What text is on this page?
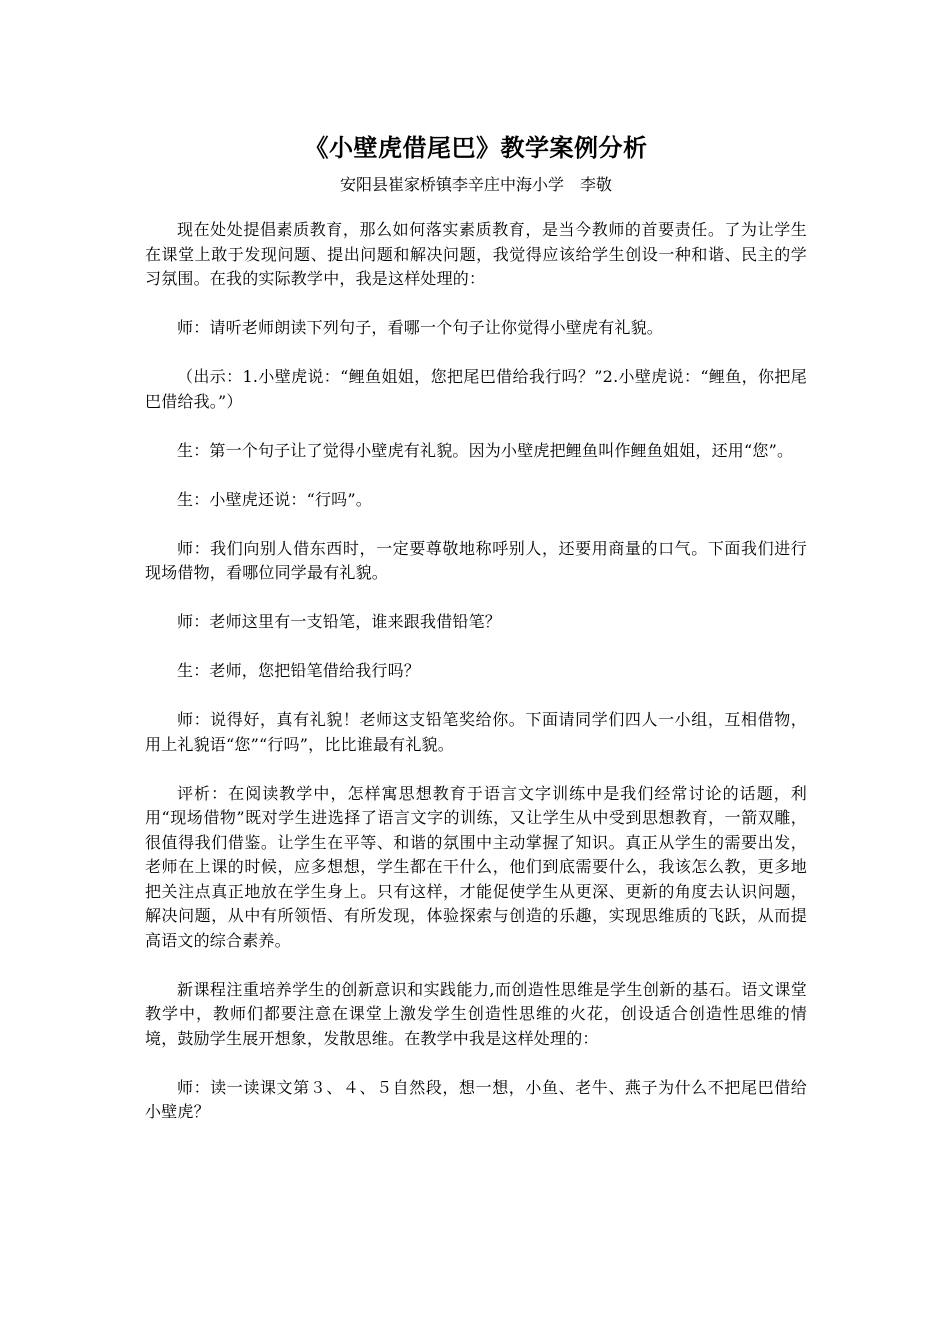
《小壁虎借尾巴》教学案例分析
安阳县崔家桥镇李辛庄中海小学　李敬

现在处处提倡素质教育，那么如何落实素质教育，是当今教师的首要责任。了为让学生在课堂上敢于发现问题、提出问题和解决问题，我觉得应该给学生创设一种和谐、民主的学习氛围。在我的实际教学中，我是这样处理的：

师：请听老师朗读下列句子，看哪一个句子让你觉得小壁虎有礼貌。

（出示：1.小壁虎说：“鲤鱼姐姐，您把尾巴借给我行吗？”2.小壁虎说：“鲤鱼，你把尾巴借给我。”）

生：第一个句子让了觉得小壁虎有礼貌。因为小壁虎把鲤鱼叫作鲤鱼姐姐，还用“您”。

生：小壁虎还说：“行吗”。

师：我们向别人借东西时，一定要尊敬地称呼别人，还要用商量的口气。下面我们进行现场借物，看哪位同学最有礼貌。

师：老师这里有一支铅笔，谁来跟我借铅笔？

生：老师，您把铅笔借给我行吗？

师：说得好，真有礼貌！老师这支铅笔奖给你。下面请同学们四人一小组，互相借物，用上礼貌语“您”“行吗”，比比谁最有礼貌。

评析：在阅读教学中，怎样寓思想教育于语言文字训练中是我们经常讨论的话题，利用“现场借物”既对学生进选择了语言文字的训练，又让学生从中受到思想教育，一箭双雕，很值得我们借鉴。让学生在平等、和谐的氛围中主动掌握了知识。真正从学生的需要出发，老师在上课的时候，应多想想，学生都在干什么，他们到底需要什么，我该怎么教，更多地把关注点真正地放在学生身上。只有这样，才能促使学生从更深、更新的角度去认识问题，解决问题，从中有所领悟、有所发现，体验探索与创造的乐趣，实现思维质的飞跃，从而提高语文的综合素养。

新课程注重培养学生的创新意识和实践能力,而创造性思维是学生创新的基石。语文课堂教学中，教师们都要注意在课堂上激发学生创造性思维的火花，创设适合创造性思维的情境，鼓励学生展开想象，发散思维。在教学中我是这样处理的：

师：读一读课文第３、４、５自然段，想一想，小鱼、老牛、燕子为什么不把尾巴借给小壁虎？
